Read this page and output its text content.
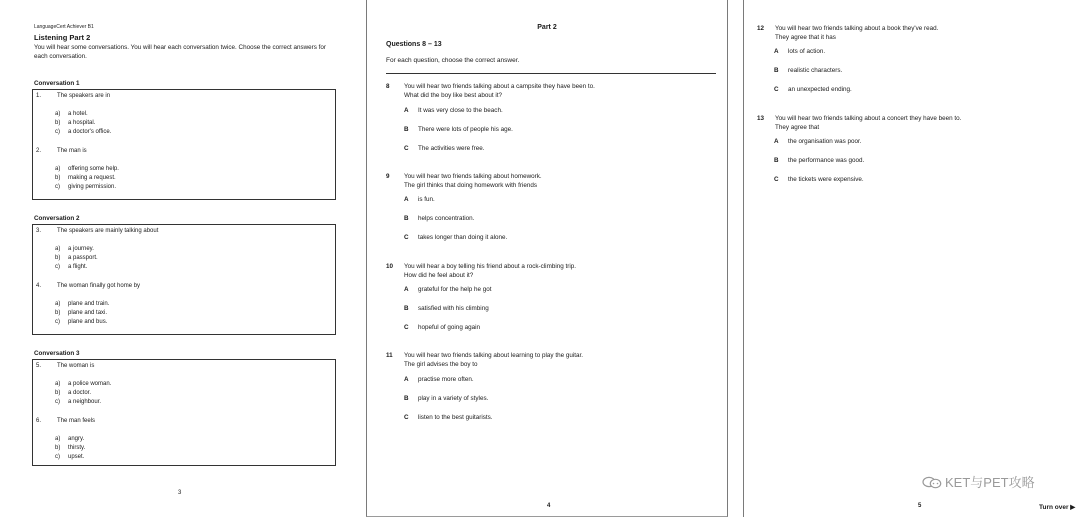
LanguageCert Achiever B1
Listening Part 2
You will hear some conversations. You will hear each conversation twice. Choose the correct answers for each conversation.
Conversation 1
1.	The speakers are in
a) a hotel.
b) a hospital.
c) a doctor's office.
2.	The man is
a) offering some help.
b) making a request.
c) giving permission.
Conversation 2
3.	The speakers are mainly talking about
a) a journey.
b) a passport.
c) a flight.
4.	The woman finally got home by
a) plane and train.
b) plane and taxi.
c) plane and bus.
Conversation 3
5.	The woman is
a) a police woman.
b) a doctor.
c) a neighbour.
6.	The man feels
a) angry.
b) thirsty.
c) upset.
3
Part 2
Questions 8 – 13
For each question, choose the correct answer.
8 You will hear two friends talking about a campsite they have been to.
What did the boy like best about it?
A It was very close to the beach.
B There were lots of people his age.
C The activities were free.
9 You will hear two friends talking about homework.
The girl thinks that doing homework with friends
A is fun.
B helps concentration.
C takes longer than doing it alone.
10 You will hear a boy telling his friend about a rock-climbing trip.
How did he feel about it?
A grateful for the help he got
B satisfied with his climbing
C hopeful of going again
11 You will hear two friends talking about learning to play the guitar.
The girl advises the boy to
A practise more often.
B play in a variety of styles.
C listen to the best guitarists.
4
12 You will hear two friends talking about a book they've read.
They agree that it has
A lots of action.
B realistic characters.
C an unexpected ending.
13 You will hear two friends talking about a concert they have been to.
They agree that
A the organisation was poor.
B the performance was good.
C the tickets were expensive.
KET与PET攻略
5	Turn over ▶
